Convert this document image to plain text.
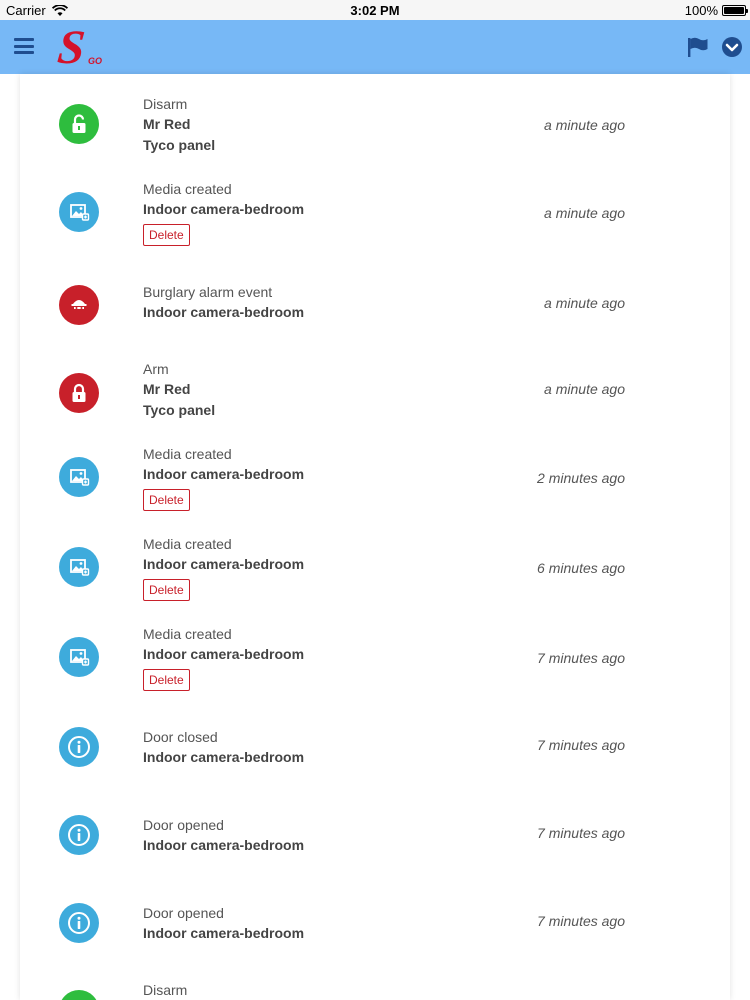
Carrier	3:02 PM	100%
S GO
Disarm
Mr Red
Tyco panel
a minute ago
Media created
Indoor camera-bedroom
Delete
a minute ago
Burglary alarm event
Indoor camera-bedroom
a minute ago
Arm
Mr Red
Tyco panel
a minute ago
Media created
Indoor camera-bedroom
Delete
2 minutes ago
Media created
Indoor camera-bedroom
Delete
6 minutes ago
Media created
Indoor camera-bedroom
Delete
7 minutes ago
Door closed
Indoor camera-bedroom
7 minutes ago
Door opened
Indoor camera-bedroom
7 minutes ago
Door opened
Indoor camera-bedroom
7 minutes ago
Disarm
